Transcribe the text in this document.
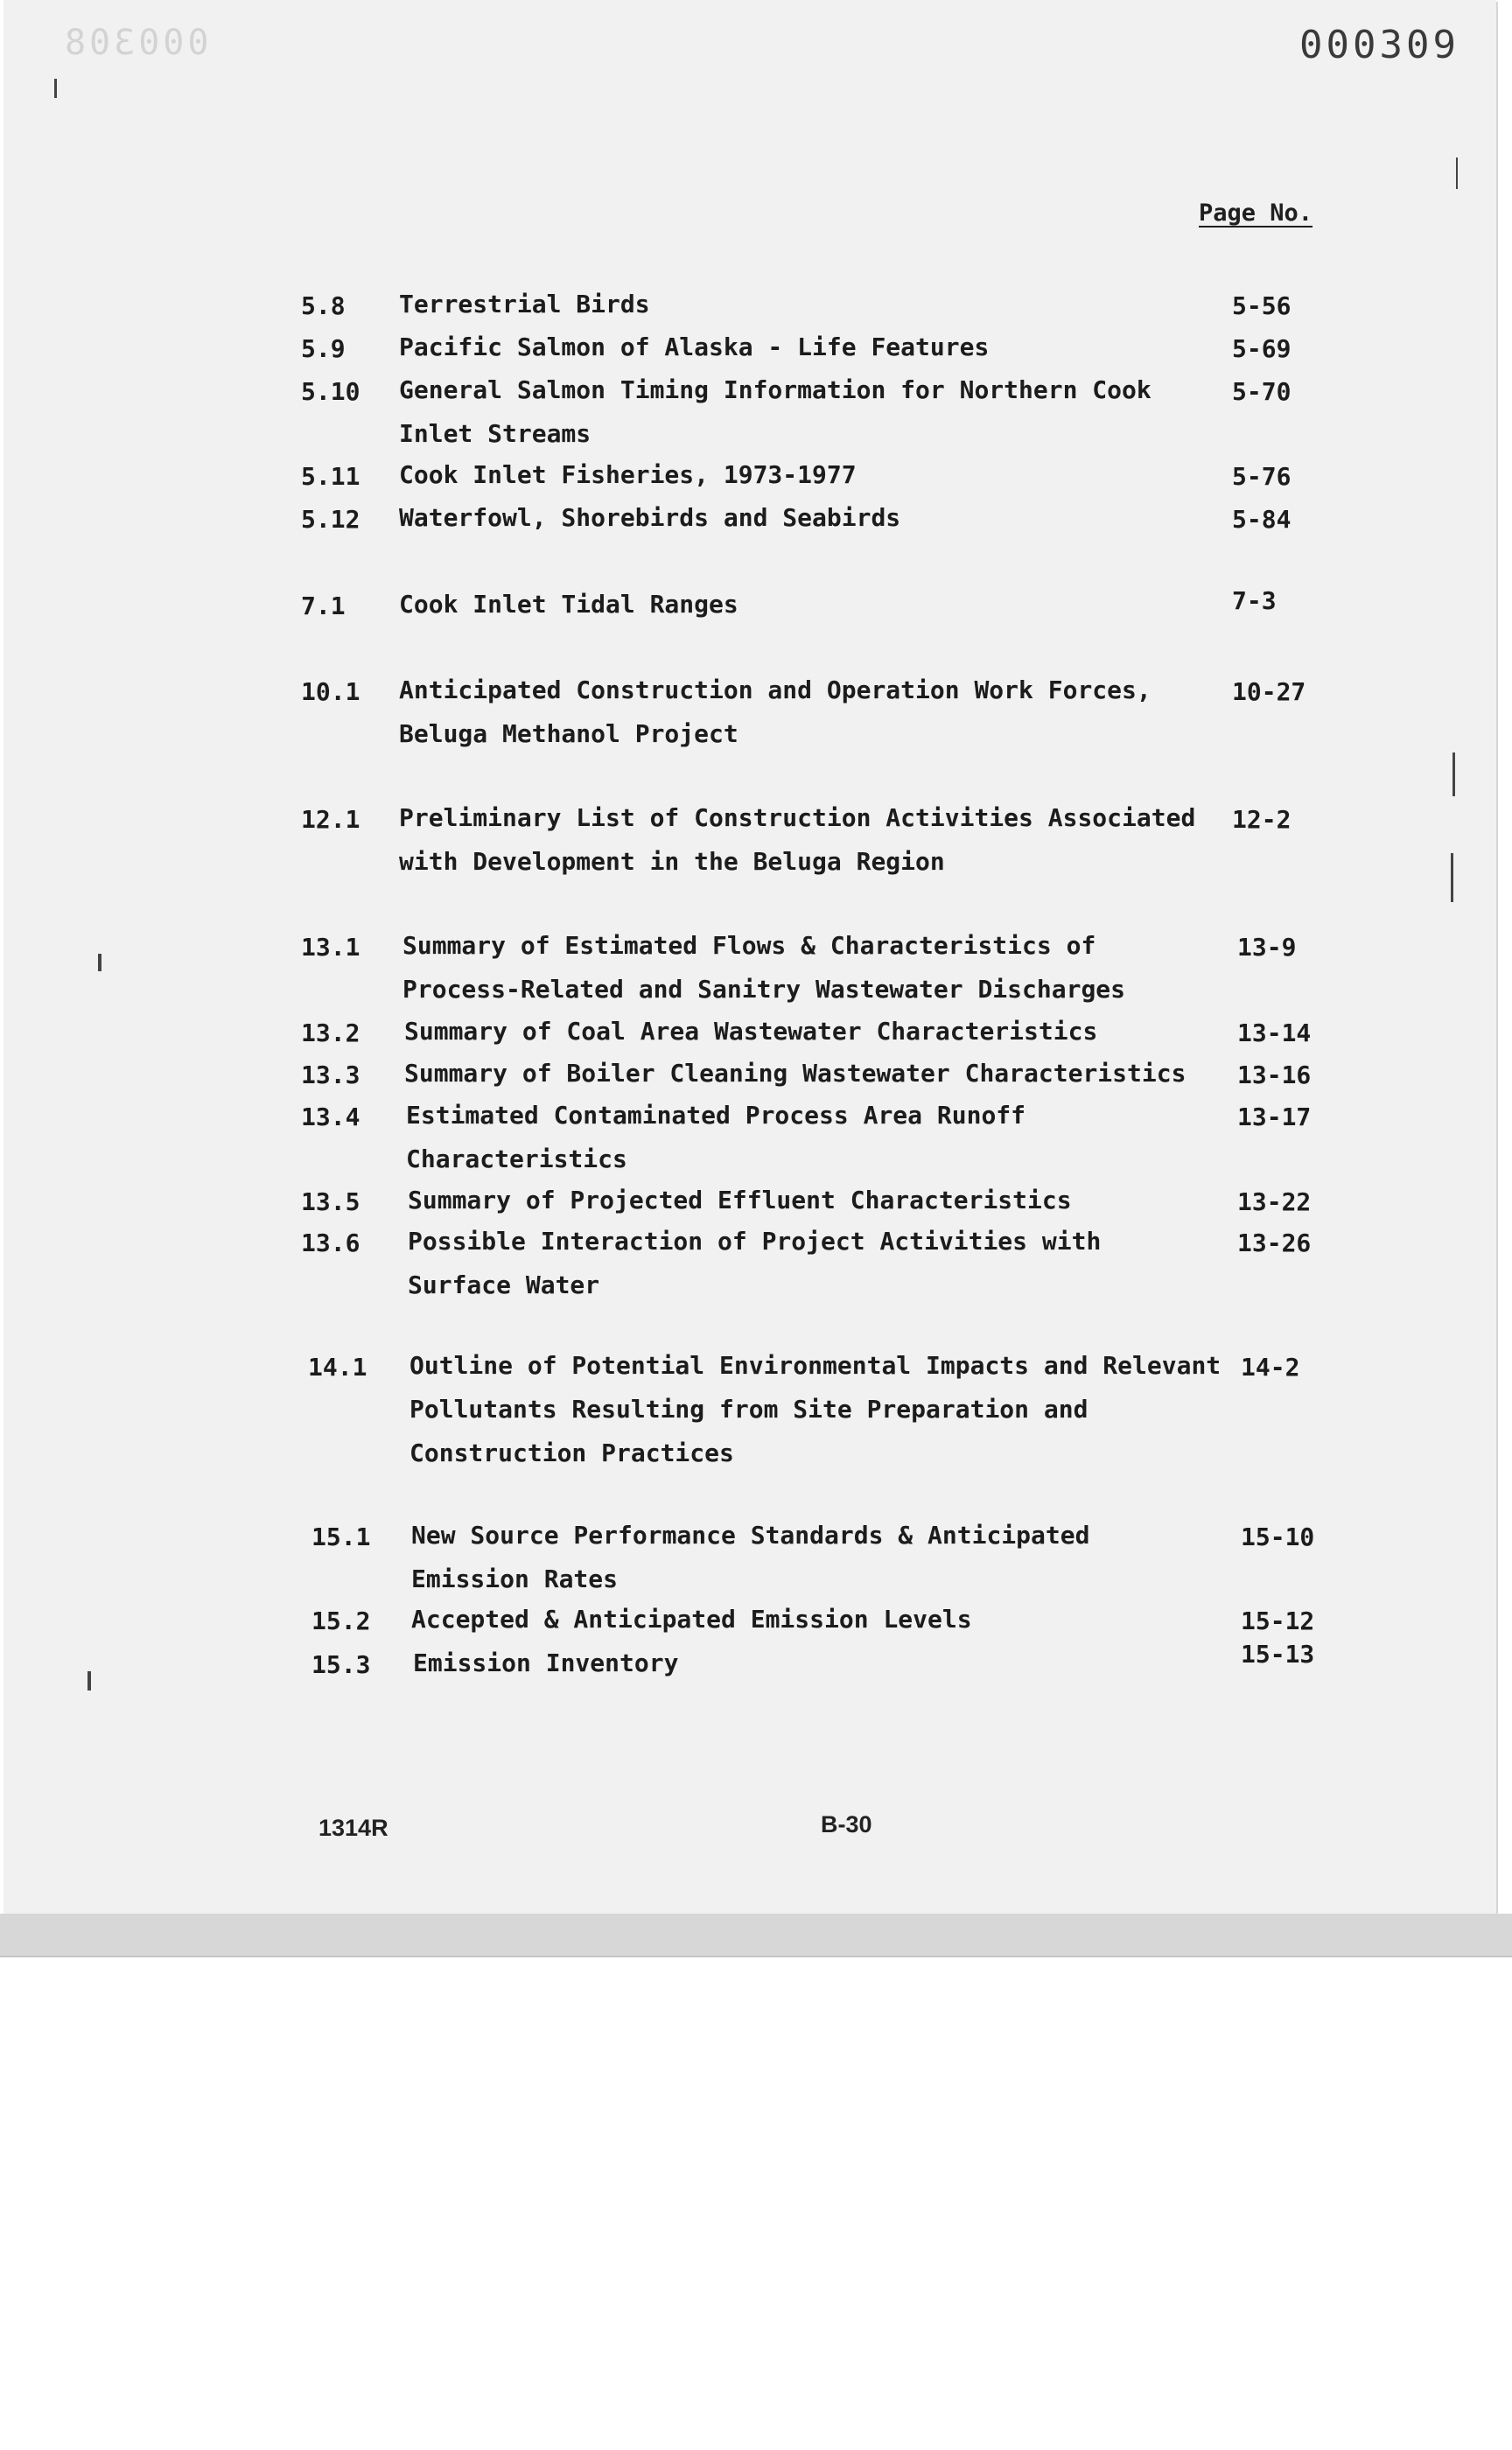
000308	000309
Page No.
5.8 Terrestrial Birds	5-56
5.9 Pacific Salmon of Alaska - Life Features	5-69
5.10 General Salmon Timing Information for Northern Cook
Inlet Streams
5-70
5.11 Cook Inlet Fisheries, 1973-1977	5-76
5.12 Waterfowl, Shorebirds and Seabirds	5-84
7.1 Cook Inlet Tidal Ranges	7-3
10.1 Anticipated Construction and Operation Work Forces,
Beluga Methanol Project
10-27
12.1 Preliminary List of Construction Activities Associated
with Development in the Beluga Region
12-2
13.1 Summary of Estimated Flows & Characteristics of
Process-Related and Sanitry Wastewater Discharges
13-9
13.2 Summary of Coal Area Wastewater Characteristics	13-14
13.3 Summary of Boiler Cleaning Wastewater Characteristics	13-16
13.4 Estimated Contaminated Process Area Runoff
Characteristics
13-17
13.5 Summary of Projected Effluent Characteristics	13-22
13.6 Possible Interaction of Project Activities with
Surface Water
13-26
14.1 Outline of Potential Environmental Impacts and Relevant
Pollutants Resulting from Site Preparation and
Construction Practices
14-2
15.1 New Source Performance Standards & Anticipated
Emission Rates
15-10
15.2 Accepted & Anticipated Emission Levels	15-12
15.3 Emission Inventory	15-13
1314R	B-30
